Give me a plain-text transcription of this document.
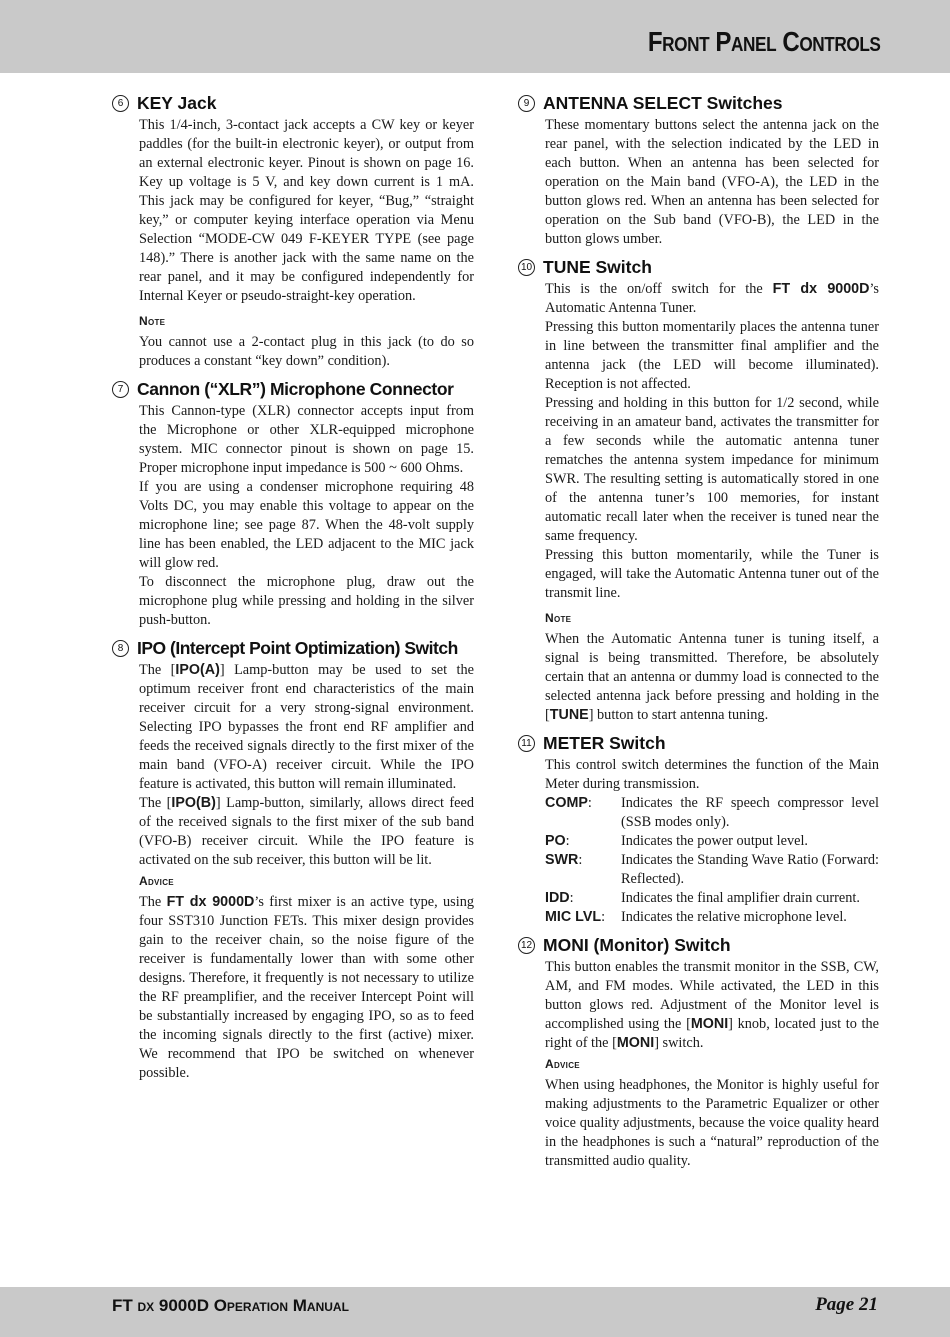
Front Panel Controls
6 KEY Jack

This 1/4-inch, 3-contact jack accepts a CW key or keyer paddles (for the built-in electronic keyer), or output from an external electronic keyer. Pinout is shown on page 16. Key up voltage is 5 V, and key down current is 1 mA. This jack may be configured for keyer, “Bug,” “straight key,” or computer keying interface operation via Menu Selection “MODE-CW 049 F-KEYER TYPE (see page 148).” There is another jack with the same name on the rear panel, and it may be configured independently for Internal Keyer or pseudo-straight-key operation.

Note

You cannot use a 2-contact plug in this jack (to do so produces a constant “key down” condition).

7 Cannon (“XLR”) Microphone Connector

This Cannon-type (XLR) connector accepts input from the Microphone or other XLR-equipped microphone system. MIC connector pinout is shown on page 15. Proper microphone input impedance is 500 ~ 600 Ohms.

If you are using a condenser microphone requiring 48 Volts DC, you may enable this voltage to appear on the microphone line; see page 87. When the 48-volt supply line has been enabled, the LED adjacent to the MIC jack will glow red.

To disconnect the microphone plug, draw out the microphone plug while pressing and holding in the silver push-button.

8 IPO (Intercept Point Optimization) Switch

The [IPO(A)] Lamp-button may be used to set the optimum receiver front end characteristics of the main receiver circuit for a very strong-signal environment. Selecting IPO bypasses the front end RF amplifier and feeds the received signals directly to the first mixer of the main band (VFO-A) receiver circuit. While the IPO feature is activated, this button will remain illuminated.

The [IPO(B)] Lamp-button, similarly, allows direct feed of the received signals to the first mixer of the sub band (VFO-B) receiver circuit. While the IPO feature is activated on the sub receiver, this button will be lit.

Advice

The FT dx 9000D’s first mixer is an active type, using four SST310 Junction FETs. This mixer design provides gain to the receiver chain, so the noise figure of the receiver is fundamentally lower than with some other designs. Therefore, it frequently is not necessary to utilize the RF preamplifier, and the receiver Intercept Point will be substantially increased by engaging IPO, so as to feed the incoming signals directly to the first (active) mixer. We recommend that IPO be switched on whenever possible.

9 ANTENNA SELECT Switches

These momentary buttons select the antenna jack on the rear panel, with the selection indicated by the LED in each button. When an antenna has been selected for operation on the Main band (VFO-A), the LED in the button glows red. When an antenna has been selected for operation on the Sub band (VFO-B), the LED in the button glows umber.

10 TUNE Switch

This is the on/off switch for the FT dx 9000D’s Automatic Antenna Tuner.

Pressing this button momentarily places the antenna tuner in line between the transmitter final amplifier and the antenna jack (the LED will become illuminated). Reception is not affected.

Pressing and holding in this button for 1/2 second, while receiving in an amateur band, activates the transmitter for a few seconds while the automatic antenna tuner rematches the antenna system impedance for minimum SWR. The resulting setting is automatically stored in one of the antenna tuner’s 100 memories, for instant automatic recall later when the receiver is tuned near the same frequency.

Pressing this button momentarily, while the Tuner is engaged, will take the Automatic Antenna tuner out of the transmit line.

Note

When the Automatic Antenna tuner is tuning itself, a signal is being transmitted. Therefore, be absolutely certain that an antenna or dummy load is connected to the selected antenna jack before pressing and holding in the [TUNE] button to start antenna tuning.

11 METER Switch

This control switch determines the function of the Main Meter during transmission.

COMP:	Indicates the RF speech compressor level (SSB modes only).
PO:	Indicates the power output level.
SWR:	Indicates the Standing Wave Ratio (Forward: Reflected).
IDD:	Indicates the final amplifier drain current.
MIC LVL:	Indicates the relative microphone level.
12 MONI (Monitor) Switch

This button enables the transmit monitor in the SSB, CW, AM, and FM modes. While activated, the LED in this button glows red. Adjustment of the Monitor level is accomplished using the [MONI] knob, located just to the right of the [MONI] switch.

Advice

When using headphones, the Monitor is highly useful for making adjustments to the Parametric Equalizer or other voice quality adjustments, because the voice quality heard in the headphones is such a “natural” reproduction of the transmitted audio quality.

FT dx 9000D Operation Manual	Page 21
